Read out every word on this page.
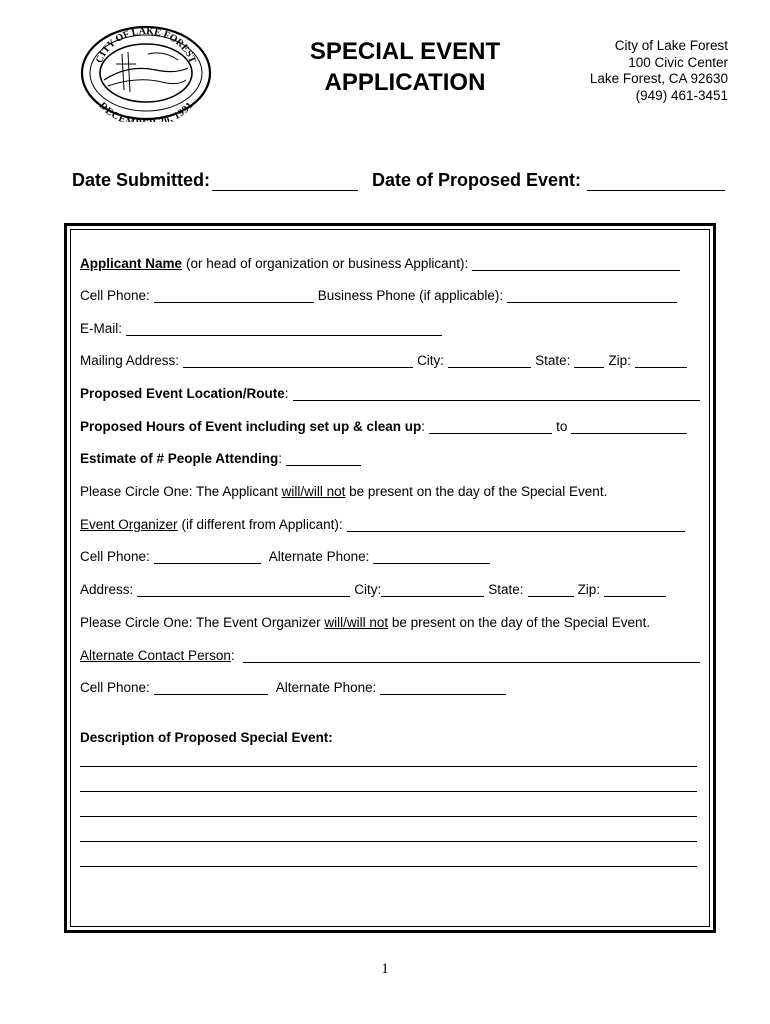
CITY OF LAKE FOREST
DECEM 20, 1991
SPECIAL EVENT
APPLICATION
City of Lake Forest
100 Civic Center
Lake Forest, CA 92630
(949) 461-3451
Date Submitted:	Date of Proposed Event:
Applicant Name (or head of organization or business Applicant):
Cell Phone:	Business Phone (if applicable):
E-Mail:
Mailing Address:	City:	State:	Zip:
Proposed Event Location/Route :
Proposed Hours of Event including set up & clean up :	to
Estimate of # People Attending :
Please Circle One: The Applicant will/will not be present on the day of the Special Event.
Event Organizer (if different from Applicant):
Cell Phone:	Alternate Phone:
Address:	City:	State:	Zip:
Please Circle One: The Event Organizer will/will not be present on the day of the Special Event.
Alternate Contact Person :
Cell Phone:	Alternate Phone:
Description of Proposed Special Event:
1
